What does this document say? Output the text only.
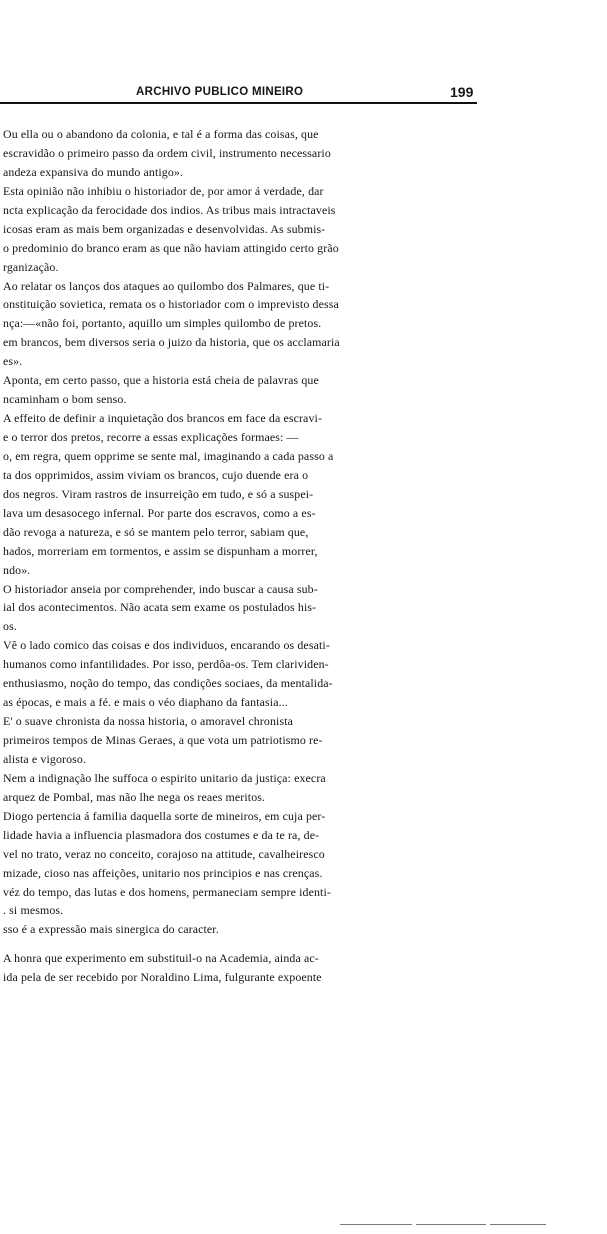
ARCHIVO PUBLICO MINEIRO	199
Ou ella ou o abandono da colonia, e tal é a forma das coisas, que
escravidão o primeiro passo da ordem civil, instrumento necessario
andeza expansiva do mundo antigo».
Esta opinião não inhibiu o historiador de, por amor á verdade, dar
ncta explicação da ferocidade dos indios. As tribus mais intractaveis
icosas eram as mais bem organizadas e desenvolvidas. As submis-
o predominio do branco eram as que não haviam attingido certo grão
rganização.
Ao relatar os lanços dos ataques ao quilombo dos Palmares, que ti-
onstituição sovietica, remata os o historiador com o imprevisto dessa
nça:—«não foi, portanto, aquillo um simples quilombo de pretos.
em brancos, bem diversos seria o juizo da historia, que os acclamaria
es».
Aponta, em certo passo, que a historia está cheia de palavras que
ncaminham o bom senso.
A effeito de definir a inquietação dos brancos em face da escravi-
e o terror dos pretos, recorre a essas explicações formaes: —
o, em regra, quem opprime se sente mal, imaginando a cada passo a
ta dos opprimidos, assim viviam os brancos, cujo duende era o
dos negros. Viram rastros de insurreição em tudo, e só a suspei-
lava um desasocego infernal. Por parte dos escravos, como a es-
dão revoga a natureza, e só se mantem pelo terror, sabiam que,
hados, morreriam em tormentos, e assim se dispunham a morrer,
ndo».
O historiador anseia por comprehender, indo buscar a causa sub-
ial dos acontecimentos. Não acata sem exame os postulados his-
os.
Vê o lado comico das coisas e dos individuos, encarando os desati-
humanos como infantilidades. Por isso, perdôa-os. Tem clarividen-
enthusiasmo, noção do tempo, das condições sociaes, da mentalida-
as épocas, e mais a fé. e mais o véo diaphano da fantasia...
E' o suave chronista da nossa historia, o amoravel chronista
primeiros tempos de Minas Geraes, a que vota um patriotismo re-
alista e vigoroso.
Nem a indignação lhe suffoca o espirito unitario da justiça: execra
arquez de Pombal, mas não lhe nega os reaes meritos.
Diogo pertencia á familia daquella sorte de mineiros, em cuja per-
lidade havia a influencia plasmadora dos costumes e da te ra, de-
vel no trato, veraz no conceito, corajoso na attitude, cavalheiresco
mizade, cioso nas affeições, unitario nos principios e nas crenças.
véz do tempo, das lutas e dos homens, permaneciam sempre identi-
. si mesmos.
sso é a expressão mais sinergica do caracter.
A honra que experimento em substituil-o na Academia, ainda ac-
ida pela de ser recebido por Noraldino Lima, fulgurante expoente
